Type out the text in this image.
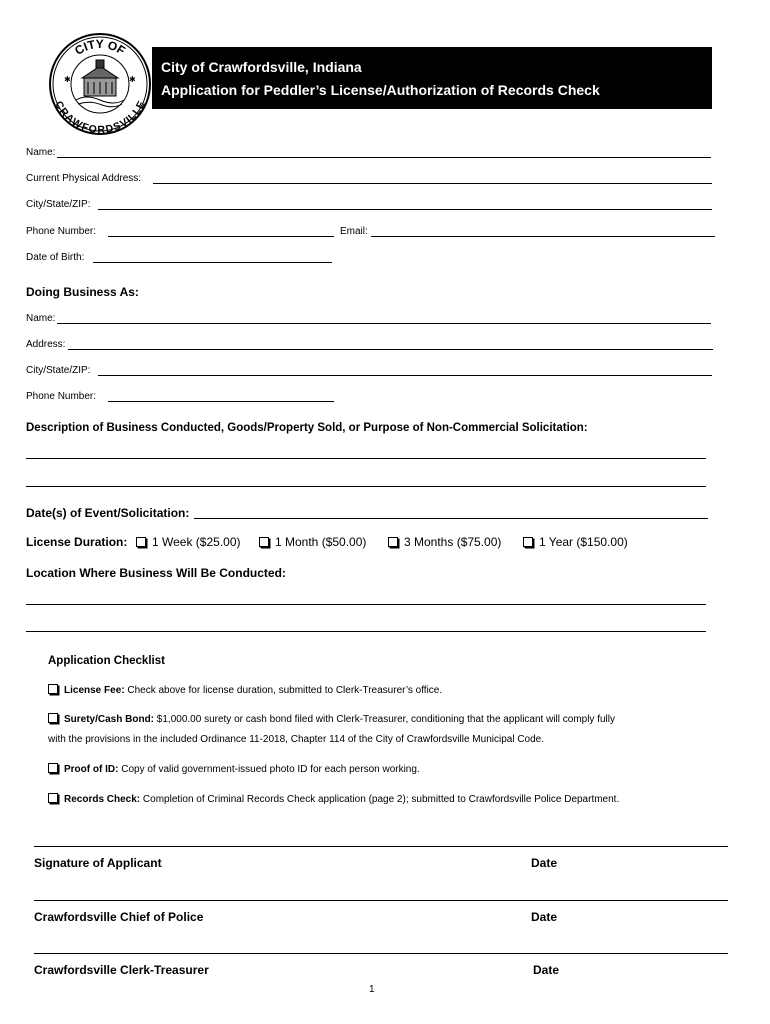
CITY OF
CRAWFORDSVILLE
✱	✱
City of Crawfordsville, Indiana
Application for Peddler’s License/Authorization of Records Check
Name:
Current Physical Address:
City/State/ZIP:
Phone Number:	Email:
Date of Birth:
Doing Business As:
Name:
Address:
City/State/ZIP:
Phone Number:
Description of Business Conducted, Goods/Property Sold, or Purpose of Non-Commercial Solicitation:
Date(s) of Event/Solicitation:
License Duration:	1 Week ($25.00)	1 Month ($50.00)	3 Months ($75.00)	1 Year ($150.00)
Location Where Business Will Be Conducted:
Application Checklist
License Fee: Check above for license duration, submitted to Clerk-Treasurer’s office.
Surety/Cash Bond: $1,000.00 surety or cash bond filed with Clerk-Treasurer, conditioning that the applicant will comply fully
with the provisions in the included Ordinance 11-2018, Chapter 114 of the City of Crawfordsville Municipal Code.
Proof of ID: Copy of valid government-issued photo ID for each person working.
Records Check: Completion of Criminal Records Check application (page 2); submitted to Crawfordsville Police Department.
Signature of Applicant	Date
Crawfordsville Chief of Police	Date
Crawfordsville Clerk-Treasurer	Date
1
